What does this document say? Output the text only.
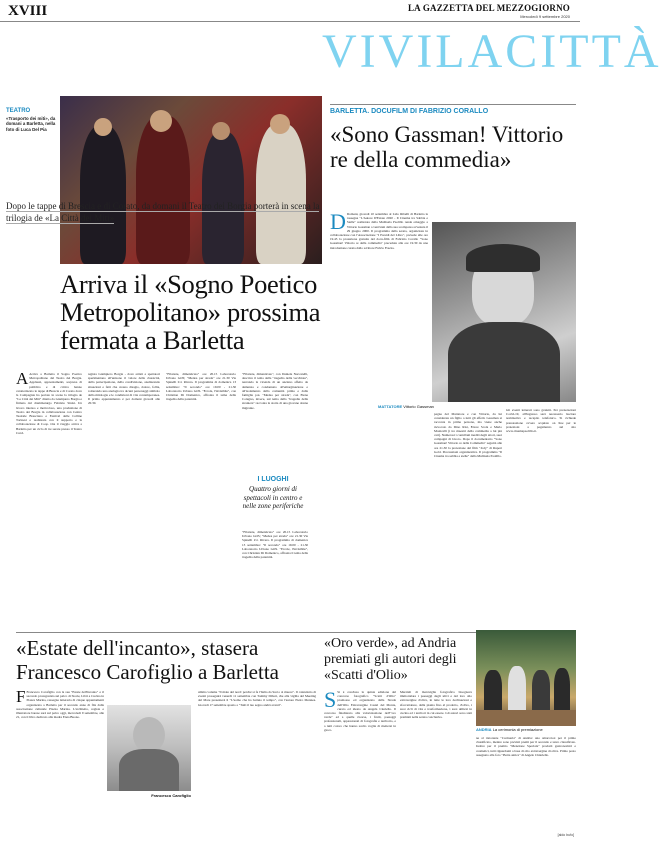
XVIII	LA GAZZETTA DEL MEZZOGIORNO
Mercoledì 9 settembre 2020
VIVILACITTÀ
TEATRO
«Trasporto dei miti», da domani a Barletta, nella foto di Luca Del Pia
Dopo le tappe di Brescia e di Corato, da domani il Teatro dei Borgia porterà in scena la trilogia de «La Città dei Miti»
Arriva il «Sogno Poetico Metropolitano» prossima fermata a Barletta
A Arriva a Barletta il Sogno Poetico Metropolitano del Teatro dei Borgia. Applausi, apprezzamenti, sorpresa di pubblico e di critica hanno caratterizzato le tappe di Brescia e di Corato dove la Compagnia ha portato in scena la trilogia de "La Città dei Miti" diretta da Giampiero Borgia e firmata dal drammaturgo Fabrizio Sinisi. Un lavoro intenso e meticoloso, una produzione di Teatro dei Borgia in collaborazione con Centro Teatrale Bresciano e Festival delle Colline Torinesi e realizzata con il supporto e la collaborazione di Coop. Ora il viaggio arriva a Barletta per un ciclo di tre serate presso il Teatro Curci.
regista Giampiero Borgia - dove artisti e spettatori sperimentano all'unisono il valore della classicità, della partecipazione, della condivisione, analizzando situazioni e fatti che creano disagio, dolore, follia, rotturando una analogia tra alcuni personaggi simbolo della mitologia e le condizioni di vita contemporanee. Il primo appuntamento è per domani giovedì alle 20.30.
"Filottete, dimenticato" ore 20.15 Laboratorio Urbano GOS; "Medea per strada" ore 21.30 Via Spinelli Z.I. Rivera. Il programma di domenica 13 settembre: "Il secondo" ore 19.00 - 21.30 Laboratorio Urbano GOS. "Ercole, l'invisibile", con Christian Di Domenico, affronta il tema della tragedia della paternità.
"Filottete, dimenticato", con Daniele Nuccetelli, descrive il tema della "tragedia della vecchiaia", narrando la vicenda di un anziano affetto da demenza e condannato all'emarginazione e all'isolamento dalla comunità prima e dalla famiglia poi. "Medea per strada", con Elena Cotugno, invece, sul tema della "tragedia della straniera" racconta la storia di una giovane donna migrante.
I LUOGHI
Quattro giorni di spettacoli in centro e nelle zone periferiche
"Filottete, dimenticato" ore 20.15 Laboratorio Urbano GOS; "Medea per strada" ore 21.30 Via Spinelli Z.I. Rivera. Il programma di domenica 13 settembre: "Il secondo" ore 19.00 - 21.30 Laboratorio Urbano GOS. "Ercole, l'invisibile", con Christian Di Domenico, affronta il tema della tragedia della paternità.
BARLETTA. DOCUFILM DI FABRIZIO CORALLO
«Sono Gassman! Vittorio re della commedia»
D Domani, giovedì 10 settembre al Lido Ribelli di Barletta la rassegna "L'Autore D'Estate 2020 - Il Cinema tra Sabbia e Stelle" realizzata dalla Multisala Paolillo rende omaggio a Vittorio Gassman a vent'anni dalla sua scomparsa avvenuta il 29 giugno 2000. Il programma della serata, organizzata in collaborazione con l'Associazione "I Presidi del Libro", prevede alle ore 19.45 la proiezione gratuita del docu-film di Fabrizio Corallo "Sono Gassman! Vittorio re della commedia" preceduta alle ore 19.30 da una introduzione curata dallo scrittore Fulvio Frezza.
MATTATORE Vittorio Gassman
pagna del Mattatore e con Vittoria, da lui considerata un figlio a tutti gli effetti. Gassman si racconta in prima persona, ma viene anche rievocato da Dino Risi, Ettore Scola e Mario Monicelli (i tre maestri della commedia a lui più cari). Numerosi i contributi inediti degli attori, suoi compagni di lavoro. Dopo il documentario "Sono Gassman! Vittorio re della Commedia" seguirà alle ore 21.30 la proiezione del film "Jody" di Rupert Gold. Precauzioni organizzative. Il programma "Il Cinema tra sabbia e stelle" della Multisala Paolillo.
Gli eventi letterari sono gratuiti. Per prenotazioni Covid-19, all'ingresso sarà necessario lasciare nominativo e recapito telefonico. Si richiede prenotazione ovvero acquisto on line per le proiezioni a pagamento sul sito www.cinemapaolillo.it.
«Estate dell'incanto», stasera Francesco Carofiglio a Barletta
F Francesco Carofiglio con la sua "Estate dell'incanto" e il secondo protagonista sul palco di Storie, Libri e Cucina in Piazza Marina, rassegna letteraria di cinque appuntamenti organizzata a Barletta per il secondo anno di fila dalla associazione culturale Piazza Marina. L'architetto, regista e illustratore barese sarà sul palco oggi, mercoledì 9 settembre, alle 21, con il libro dedicato alla madre Enza Buono.
Francesco Carofiglio
ultima volume "Il male del nord: perché si fa l'Italia da Sud o si muore". Il calendario di eventi proseguirà venerdì 11 settembre con Tommy Dibari, che alla vigilia del Meeting del Mare presenterà il "L'uomo che ha battuto il tempo", con l'autore Pietro Mennea. Giovedì 17 settembre spazio a "Tutti il tuo segno andrà avanti".
«Oro verde», ad Andria premiati gli autori degli «Scatti d'Olio»
S Si è conclusa la quinta edizione del concorso fotografico "Scatti d'Olio" promosso ed organizzato dalla Strada dell'Olio Extravergine Castel del Monte, curato ed ideato da Angela Ciuriello. Il concorso finalizzato alla valorizzazione dell'"oro verde" ed a quelle risorse, i frutti, paesaggi professionali, appassionati di fotografia e territorio, e a tutti coloro che hanno scelto voglia di mettersi in gioco.
Marziali di maraviglia fotografica bisognava immortalare i paesaggi degli ulivi e del loro olio extravergine d'oliva, in tutte le loro declinazioni e sfaccettature, dalla pianta fino al prodotto, d'olivo, i suoi cicli di vita e trasformazione, i suoi utilizzi in cucina ed i territori in cui essere. Gli autori sono stati premiati nella serata conclusiva.
ANDRIA La cerimonia di premiazione
ne al ristorante "Cucinería" di Andria: uno smart-box per il primo classificato, mentre sono previsti premi per il secondo e terzo classificato. Inoltre per il premio "Menzione Speciale" prodotti gastronomici e cosmetici, tutti riguardanti a base di olio extravergine di oliva. Primo posto assegnato alla foto "Pietra antica" di Angelo Chiariello.
[aldo bufo]
